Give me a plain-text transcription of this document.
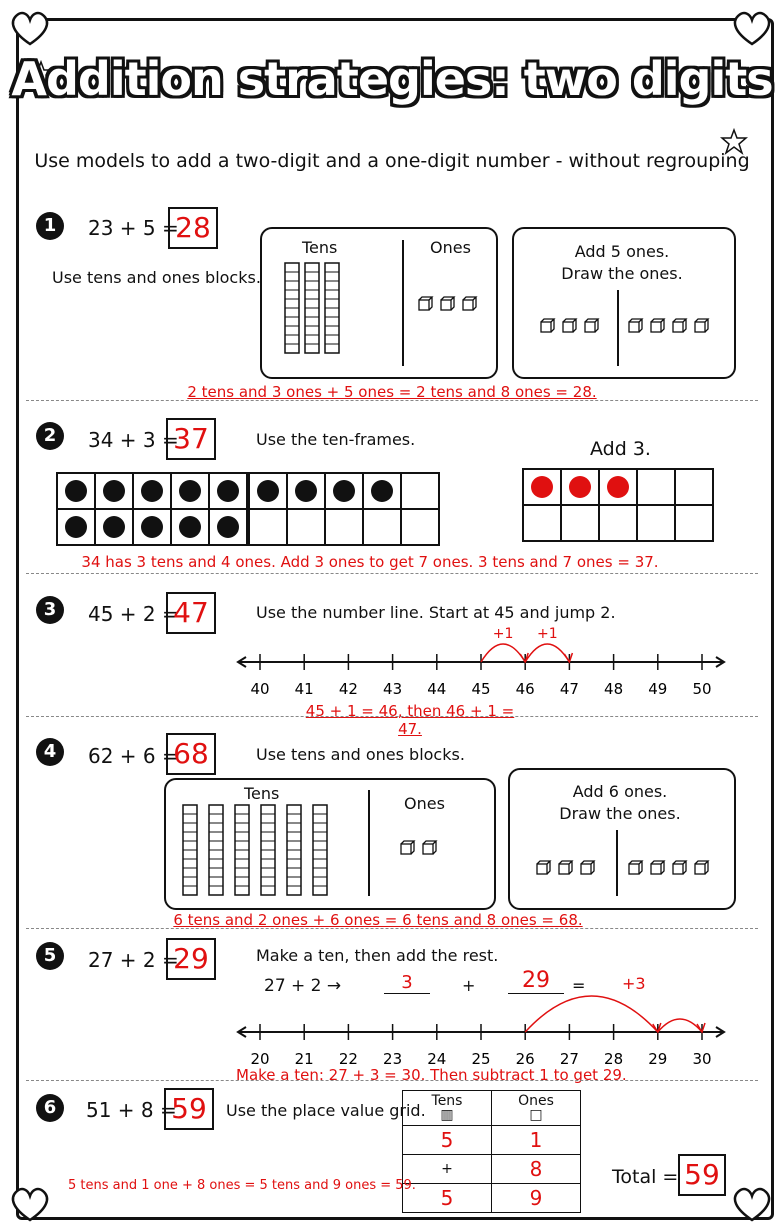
Addition strategies: two digits
Use models to add a two-digit and a one-digit number - without regrouping
1	23 + 5 =
28
Use tens and ones blocks.
Tens	Ones	Add 5 ones.
Draw the ones.
2 tens and 3 ones + 5 ones = 2 tens and 8 ones = 28.
2	34 + 3 =
37	Use the ten-frames.	Add 3.

34 has 3 tens and 4 ones. Add 3 ones to get 7 ones. 3 tens and 7 ones = 37.
3	45 + 2 =
47	Use the number line. Start at 45 and jump 2.
40 41 42 43 44 45 46 47 48 49 50
+1 +1
45 + 1 = 46, then 46 + 1 = 47.
4	62 + 6 =
68	Use tens and ones blocks.
Tens
Ones
Add 6 ones.
Draw the ones.
6 tens and 2 ones + 6 ones = 6 tens and 8 ones = 68.
5	27 + 2 =
29	Make a ten, then add the rest.
27 + 2 →	3	+	29	= +3
20 21 22 23 24 25 26 27 28 29 30
Make a ten: 27 + 3 = 30. Then subtract 1 to get 29.
6	51 + 8 =
59	Use the place value grid. Tens
▥	Ones
□
5	1
+	8
5	9
5 tens and 1 one + 8 ones = 5 tens and 9 ones = 59.	Total = 59
